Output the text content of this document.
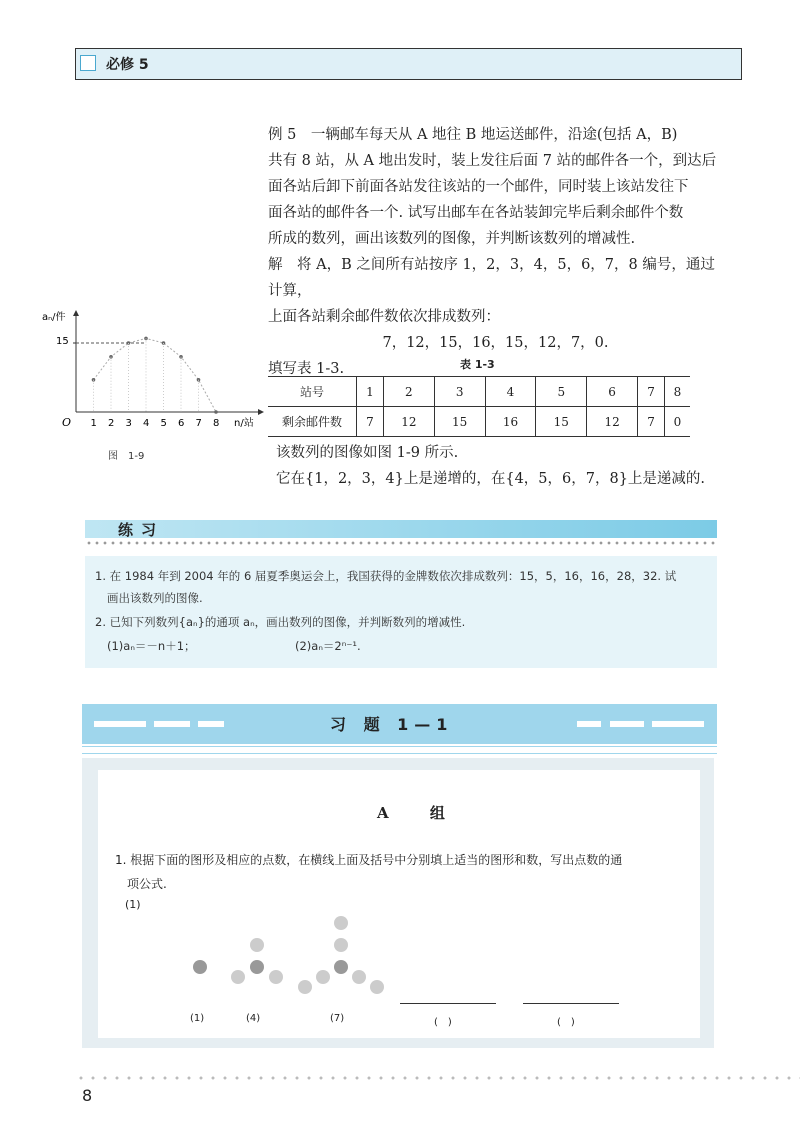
必修 5

例 5　一辆邮车每天从 A 地往 B 地运送邮件，沿途(包括 A，B)

共有 8 站，从 A 地出发时，装上发往后面 7 站的邮件各一个，到达后

面各站后卸下前面各站发往该站的一个邮件，同时装上该站发往下

面各站的邮件各一个. 试写出邮车在各站装卸完毕后剩余邮件个数

所成的数列，画出该数列的图像，并判断该数列的增减性.

解　将 A，B 之间所有站按序 1，2，3，4，5，6，7，8 编号，通过计算，

上面各站剩余邮件数依次排成数列：

7，12，15，16，15，12，7，0.

填写表 1-3.	表 1-3
站号	1	2	3	4	5	6	7	8
剩余邮件数	7	12	15	16	15	12	7	0
该数列的图像如图 1-9 所示.
它在{1，2，3，4}上是递增的，在{4，5，6，7，8}上是递减的.
aₙ/件
n/站
O
15
1 2 3 4 5 6 7 8
图　1-9
练习
1. 在 1984 年到 2004 年的 6 届夏季奥运会上，我国获得的金牌数依次排成数列：15，5，16，16，28，32. 试
画出该数列的图像.
2. 已知下列数列{aₙ}的通项 aₙ，画出数列的图像，并判断数列的增减性.
(1)aₙ＝－n＋1；	(2)aₙ＝2ⁿ⁻¹.
习 题 1—1
A 组
1. 根据下面的图形及相应的点数，在横线上面及括号中分别填上适当的图形和数，写出点数的通
项公式.
(1)
(1)	(4)	(7)	(　)	(　)
8
